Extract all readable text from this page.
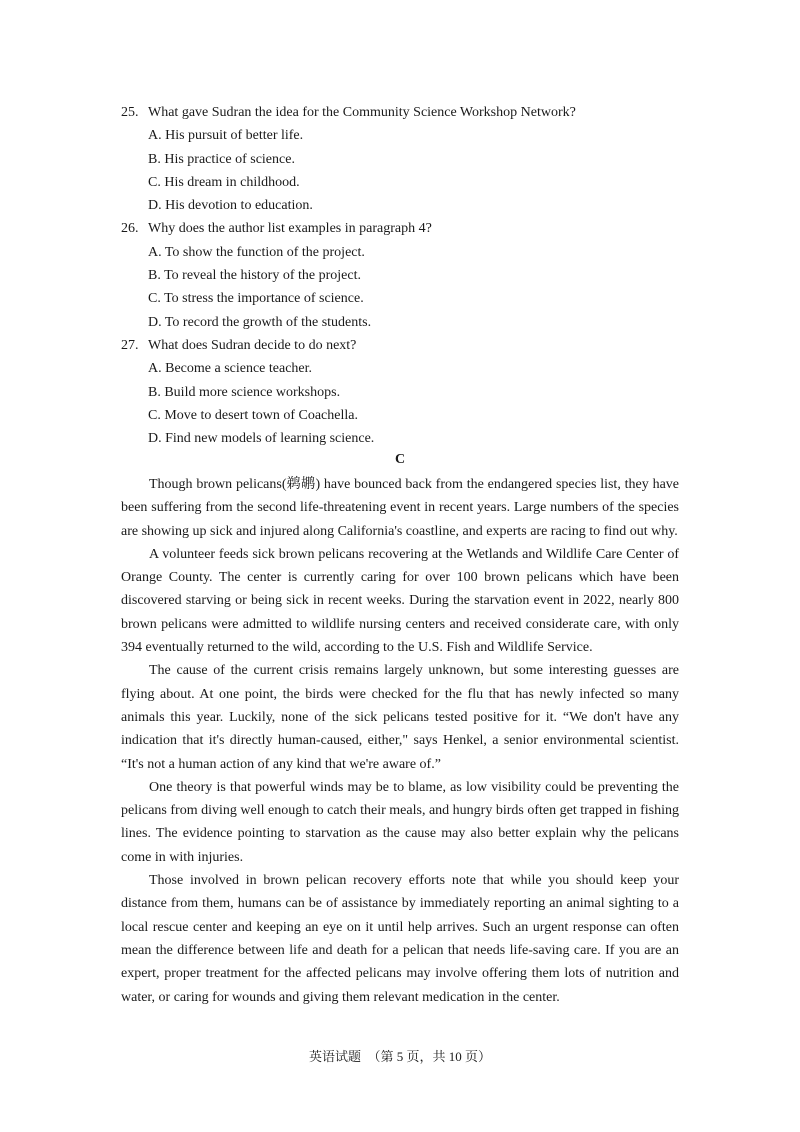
25. What gave Sudran the idea for the Community Science Workshop Network?
A. His pursuit of better life.
B. His practice of science.
C. His dream in childhood.
D. His devotion to education.
26. Why does the author list examples in paragraph 4?
A. To show the function of the project.
B. To reveal the history of the project.
C. To stress the importance of science.
D. To record the growth of the students.
27. What does Sudran decide to do next?
A. Become a science teacher.
B. Build more science workshops.
C. Move to desert town of Coachella.
D. Find new models of learning science.
C

Though brown pelicans(鹈鹕) have bounced back from the endangered species list, they have been suffering from the second life-threatening event in recent years. Large numbers of the species are showing up sick and injured along California's coastline, and experts are racing to find out why.

A volunteer feeds sick brown pelicans recovering at the Wetlands and Wildlife Care Center of Orange County. The center is currently caring for over 100 brown pelicans which have been discovered starving or being sick in recent weeks. During the starvation event in 2022, nearly 800 brown pelicans were admitted to wildlife nursing centers and received considerate care, with only 394 eventually returned to the wild, according to the U.S. Fish and Wildlife Service.

The cause of the current crisis remains largely unknown, but some interesting guesses are flying about. At one point, the birds were checked for the flu that has newly infected so many animals this year. Luckily, none of the sick pelicans tested positive for it. “We don't have any indication that it's directly human-caused, either," says Henkel, a senior environmental scientist. “It's not a human action of any kind that we're aware of.”

One theory is that powerful winds may be to blame, as low visibility could be preventing the pelicans from diving well enough to catch their meals, and hungry birds often get trapped in fishing lines. The evidence pointing to starvation as the cause may also better explain why the pelicans come in with injuries.

Those involved in brown pelican recovery efforts note that while you should keep your distance from them, humans can be of assistance by immediately reporting an animal sighting to a local rescue center and keeping an eye on it until help arrives. Such an urgent response can often mean the difference between life and death for a pelican that needs life-saving care. If you are an expert, proper treatment for the affected pelicans may involve offering them lots of nutrition and water, or caring for wounds and giving them relevant medication in the center.

英语试题　（第 5 页，共 10 页）
